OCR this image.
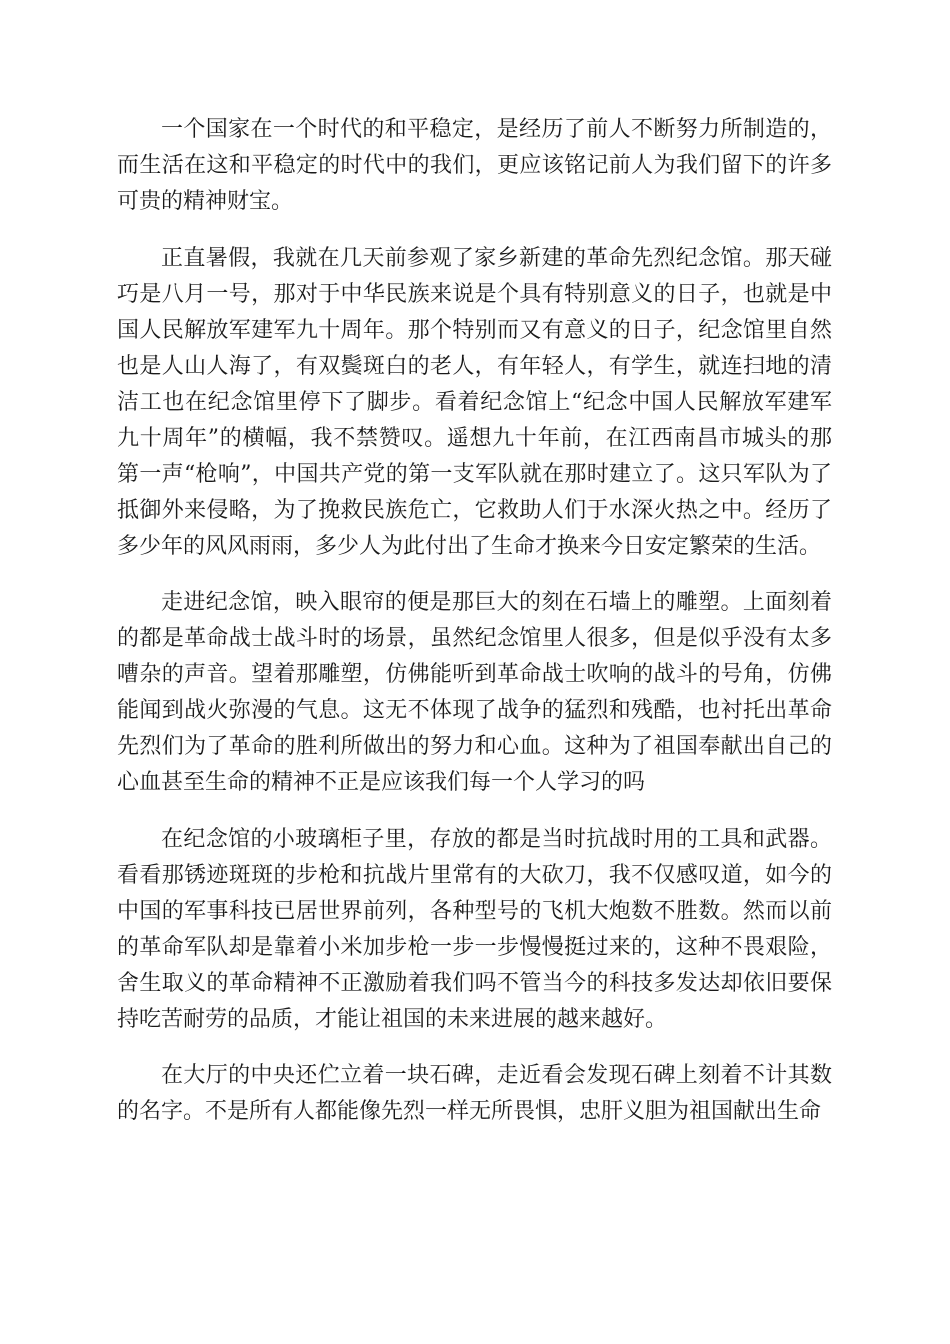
一个国家在一个时代的和平稳定，是经历了前人不断努力所制造的，而生活在这和平稳定的时代中的我们，更应该铭记前人为我们留下的许多可贵的精神财宝。

正直暑假，我就在几天前参观了家乡新建的革命先烈纪念馆。那天碰巧是八月一号，那对于中华民族来说是个具有特别意义的日子，也就是中国人民解放军建军九十周年。那个特别而又有意义的日子，纪念馆里自然也是人山人海了，有双鬓斑白的老人，有年轻人，有学生，就连扫地的清洁工也在纪念馆里停下了脚步。看着纪念馆上“纪念中国人民解放军建军九十周年”的横幅，我不禁赞叹。遥想九十年前，在江西南昌市城头的那第一声“枪响”，中国共产党的第一支军队就在那时建立了。这只军队为了抵御外来侵略，为了挽救民族危亡，它救助人们于水深火热之中。经历了多少年的风风雨雨，多少人为此付出了生命才换来今日安定繁荣的生活。

走进纪念馆，映入眼帘的便是那巨大的刻在石墙上的雕塑。上面刻着的都是革命战士战斗时的场景，虽然纪念馆里人很多，但是似乎没有太多嘈杂的声音。望着那雕塑，仿佛能听到革命战士吹响的战斗的号角，仿佛能闻到战火弥漫的气息。这无不体现了战争的猛烈和残酷，也衬托出革命先烈们为了革命的胜利所做出的努力和心血。这种为了祖国奉献出自己的心血甚至生命的精神不正是应该我们每一个人学习的吗

在纪念馆的小玻璃柜子里，存放的都是当时抗战时用的工具和武器。看看那锈迹斑斑的步枪和抗战片里常有的大砍刀，我不仅感叹道，如今的中国的军事科技已居世界前列，各种型号的飞机大炮数不胜数。然而以前的革命军队却是靠着小米加步枪一步一步慢慢挺过来的，这种不畏艰险，舍生取义的革命精神不正激励着我们吗不管当今的科技多发达却依旧要保持吃苦耐劳的品质，才能让祖国的未来进展的越来越好。

在大厅的中央还伫立着一块石碑，走近看会发现石碑上刻着不计其数的名字。不是所有人都能像先烈一样无所畏惧，忠肝义胆为祖国献出生命
